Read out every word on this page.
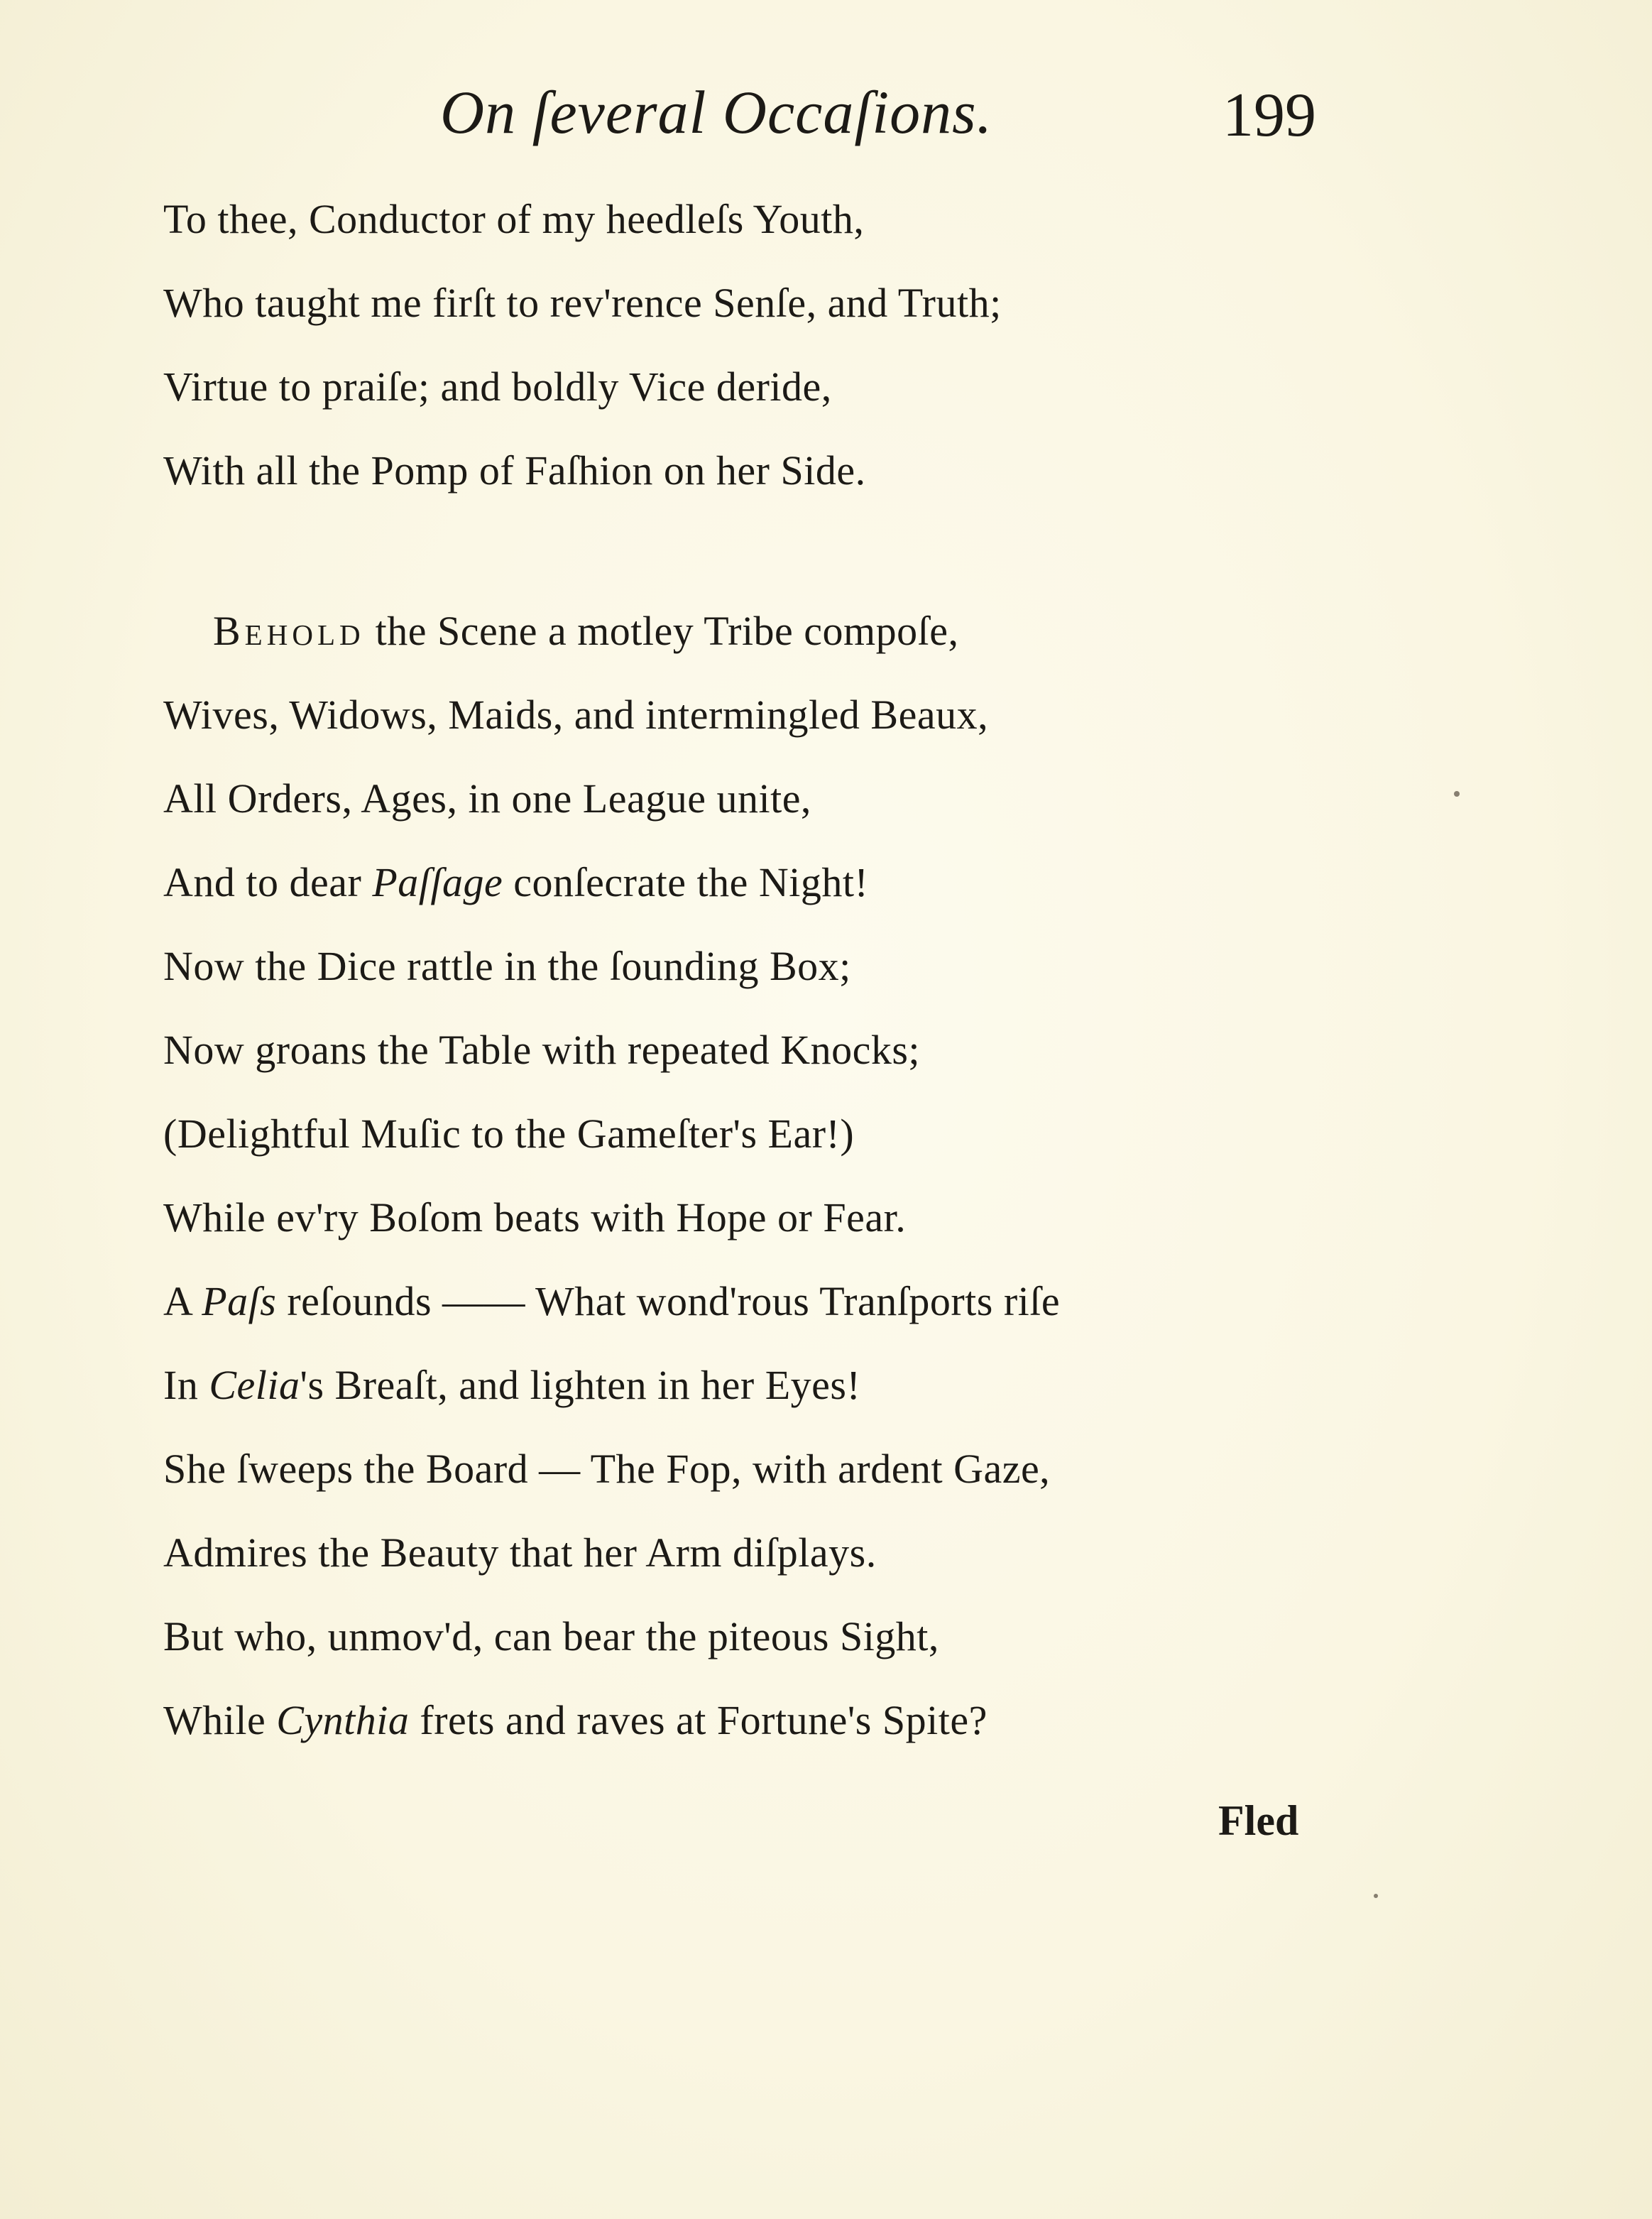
On ſeveral Occaſions.	199
To thee, Conductor of my heedleſs Youth,
Who taught me firſt to rev'rence Senſe, and Truth;
Virtue to praiſe; and boldly Vice deride,
With all the Pomp of Faſhion on her Side.
Behold the Scene a motley Tribe compoſe,
Wives, Widows, Maids, and intermingled Beaux,
All Orders, Ages, in one League unite,
And to dear Paſſage conſecrate the Night!
Now the Dice rattle in the ſounding Box;
Now groans the Table with repeated Knocks;
(Delightful Muſic to the Gameſter's Ear!)
While ev'ry Boſom beats with Hope or Fear.
A Paſs reſounds —— What wond'rous Tranſports riſe
In Celia's Breaſt, and lighten in her Eyes!
She ſweeps the Board — The Fop, with ardent Gaze,
Admires the Beauty that her Arm diſplays.
But who, unmov'd, can bear the piteous Sight,
While Cynthia frets and raves at Fortune's Spite?
Fled
